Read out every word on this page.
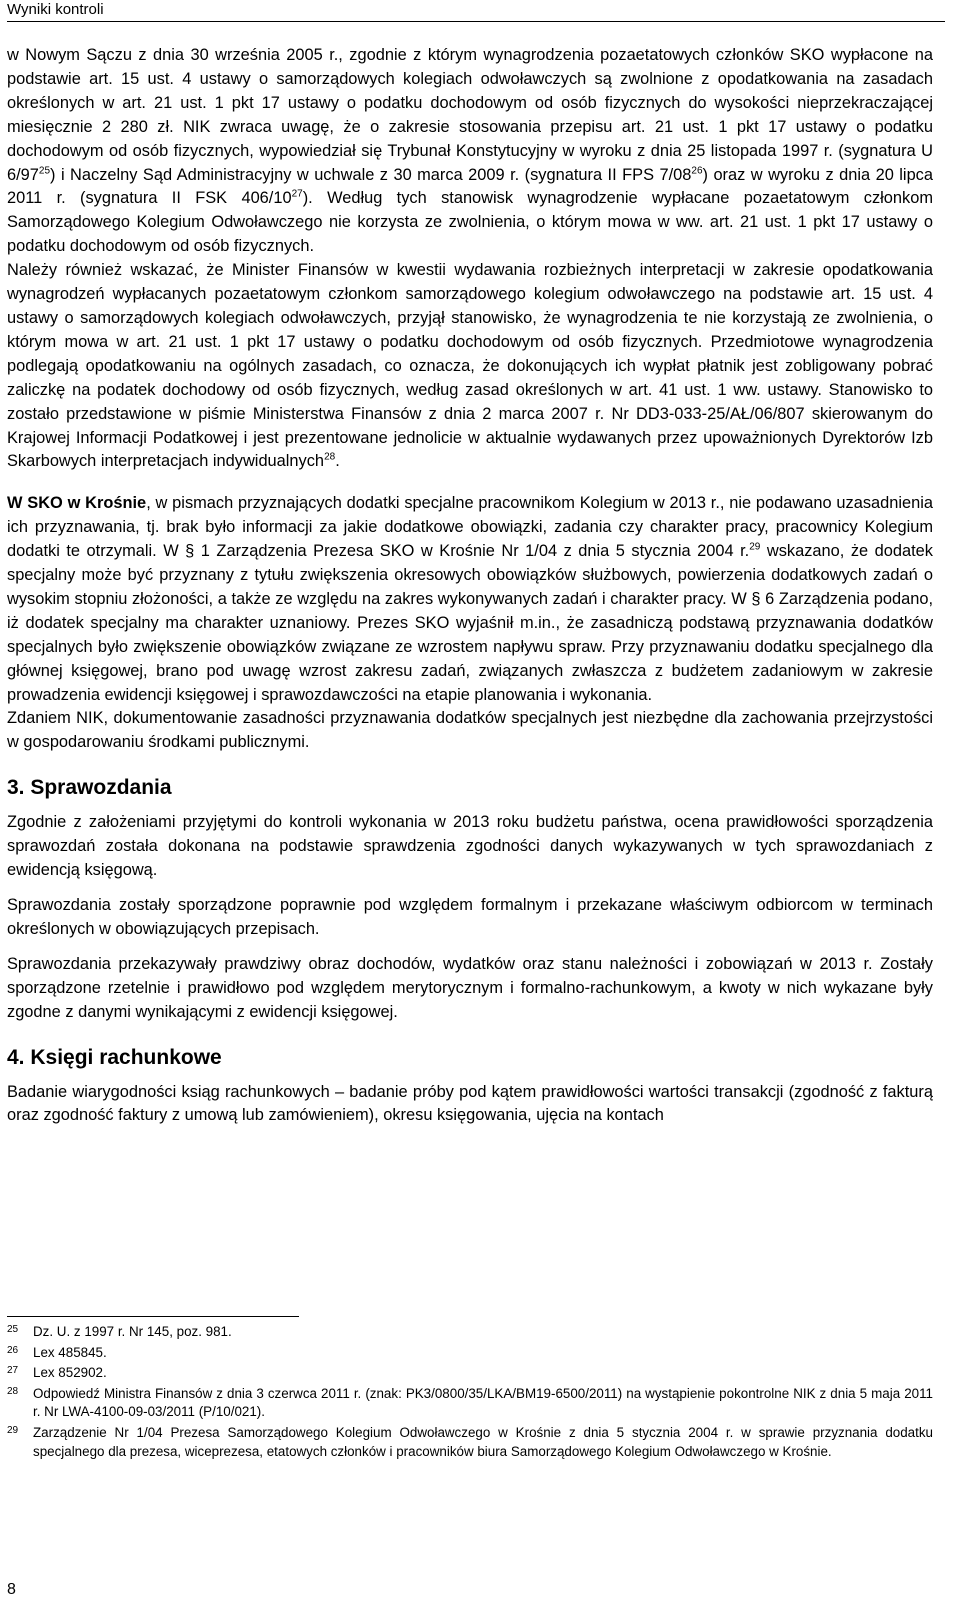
Wyniki kontroli

w Nowym Sączu z dnia 30 września 2005 r., zgodnie z którym wynagrodzenia pozaetatowych członków SKO wypłacone na podstawie art. 15 ust. 4 ustawy o samorządowych kolegiach odwoławczych są zwolnione z opodatkowania na zasadach określonych w art. 21 ust. 1 pkt 17 ustawy o podatku dochodowym od osób fizycznych do wysokości nieprzekraczającej miesięcznie 2 280 zł. NIK zwraca uwagę, że o zakresie stosowania przepisu art. 21 ust. 1 pkt 17 ustawy o podatku dochodowym od osób fizycznych, wypowiedział się Trybunał Konstytucyjny w wyroku z dnia 25 listopada 1997 r. (sygnatura U $6/97^{25}$) i Naczelny Sąd Administracyjny w uchwale z 30 marca 2009 r. (sygnatura II FPS $7/08^{26}$) oraz w wyroku z dnia 20 lipca 2011 r. (sygnatura II FSK $406/10^{27}$). Według tych stanowisk wynagrodzenie wypłacane pozaetatowym członkom Samorządowego Kolegium Odwoławczego nie korzysta ze zwolnienia, o którym mowa w ww. art. 21 ust. 1 pkt 17 ustawy o podatku dochodowym od osób fizycznych.

Należy również wskazać, że Minister Finansów w kwestii wydawania rozbieżnych interpretacji w zakresie opodatkowania wynagrodzeń wypłacanych pozaetatowym członkom samorządowego kolegium odwoławczego na podstawie art. 15 ust. 4 ustawy o samorządowych kolegiach odwoławczych, przyjął stanowisko, że wynagrodzenia te nie korzystają ze zwolnienia, o którym mowa w art. 21 ust. 1 pkt 17 ustawy o podatku dochodowym od osób fizycznych. Przedmiotowe wynagrodzenia podlegają opodatkowaniu na ogólnych zasadach, co oznacza, że dokonujących ich wypłat płatnik jest zobligowany pobrać zaliczkę na podatek dochodowy od osób fizycznych, według zasad określonych w art. 41 ust. 1 ww. ustawy. Stanowisko to zostało przedstawione w piśmie Ministerstwa Finansów z dnia 2 marca 2007 r. Nr DD3-033-25/AŁ/06/807 skierowanym do Krajowej Informacji Podatkowej i jest prezentowane jednolicie w aktualnie wydawanych przez upoważnionych Dyrektorów Izb Skarbowych interpretacjach indywidualnych$^{28}$.

W SKO w Krośnie, w pismach przyznających dodatki specjalne pracownikom Kolegium w 2013 r., nie podawano uzasadnienia ich przyznawania, tj. brak było informacji za jakie dodatkowe obowiązki, zadania czy charakter pracy, pracownicy Kolegium dodatki te otrzymali. W § 1 Zarządzenia Prezesa SKO w Krośnie Nr 1/04 z dnia 5 stycznia 2004 r.$^{29}$ wskazano, że dodatek specjalny może być przyznany z tytułu zwiększenia okresowych obowiązków służbowych, powierzenia dodatkowych zadań o wysokim stopniu złożoności, a także ze względu na zakres wykonywanych zadań i charakter pracy. W § 6 Zarządzenia podano, iż dodatek specjalny ma charakter uznaniowy. Prezes SKO wyjaśnił m.in., że zasadniczą podstawą przyznawania dodatków specjalnych było zwiększenie obowiązków związane ze wzrostem napływu spraw. Przy przyznawaniu dodatku specjalnego dla głównej księgowej, brano pod uwagę wzrost zakresu zadań, związanych zwłaszcza z budżetem zadaniowym w zakresie prowadzenia ewidencji księgowej i sprawozdawczości na etapie planowania i wykonania.

Zdaniem NIK, dokumentowanie zasadności przyznawania dodatków specjalnych jest niezbędne dla zachowania przejrzystości w gospodarowaniu środkami publicznymi.

3. Sprawozdania

Zgodnie z założeniami przyjętymi do kontroli wykonania w 2013 roku budżetu państwa, ocena prawidłowości sporządzenia sprawozdań została dokonana na podstawie sprawdzenia zgodności danych wykazywanych w tych sprawozdaniach z ewidencją księgową.

Sprawozdania zostały sporządzone poprawnie pod względem formalnym i przekazane właściwym odbiorcom w terminach określonych w obowiązujących przepisach.

Sprawozdania przekazywały prawdziwy obraz dochodów, wydatków oraz stanu należności i zobowiązań w 2013 r. Zostały sporządzone rzetelnie i prawidłowo pod względem merytorycznym i formalno-rachunkowym, a kwoty w nich wykazane były zgodne z danymi wynikającymi z ewidencji księgowej.

4. Księgi rachunkowe

Badanie wiarygodności ksiąg rachunkowych – badanie próby pod kątem prawidłowości wartości transakcji (zgodność z fakturą oraz zgodność faktury z umową lub zamówieniem), okresu księgowania, ujęcia na kontach

25	Dz. U. z 1997 r. Nr 145, poz. 981.
26	Lex 485845.
27	Lex 852902.
28	Odpowiedź Ministra Finansów z dnia 3 czerwca 2011 r. (znak: PK3/0800/35/LKA/BM19-6500/2011) na wystąpienie pokontrolne NIK z dnia 5 maja 2011 r. Nr LWA-4100-09-03/2011 (P/10/021).
29	Zarządzenie Nr 1/04 Prezesa Samorządowego Kolegium Odwoławczego w Krośnie z dnia 5 stycznia 2004 r. w sprawie przyznania dodatku specjalnego dla prezesa, wiceprezesa, etatowych członków i pracowników biura Samorządowego Kolegium Odwoławczego w Krośnie.
8
